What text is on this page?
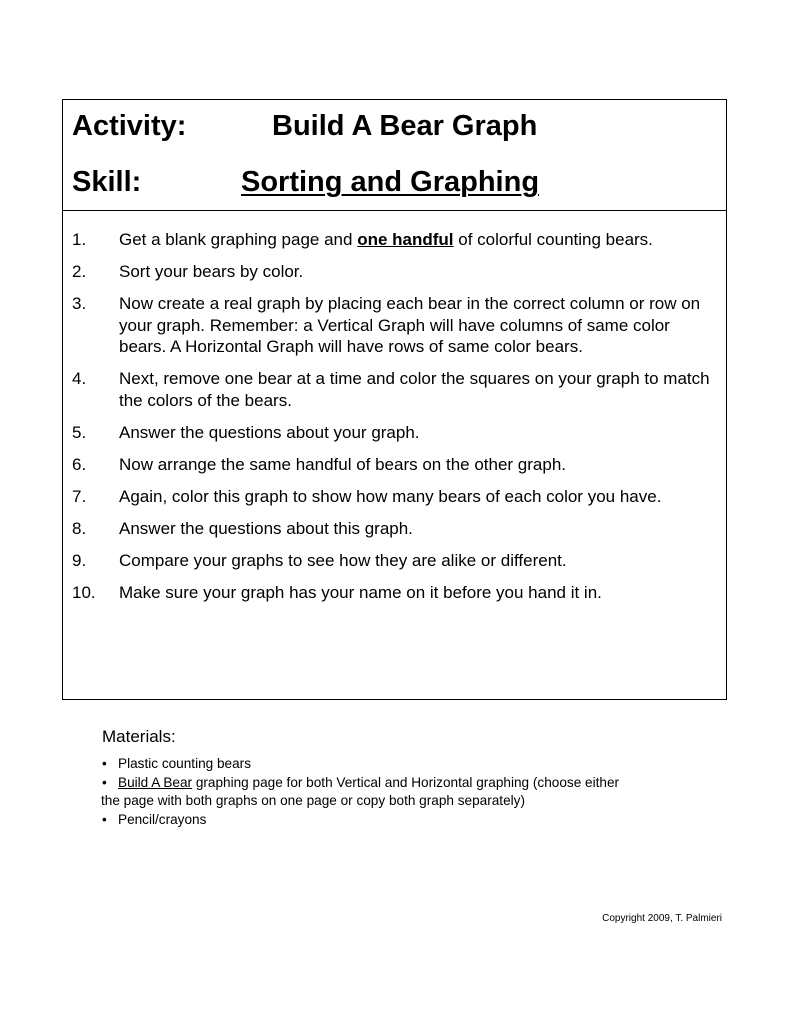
Activity:	Build A Bear Graph
Skill:	Sorting and Graphing
1. Get a blank graphing page and one handful of colorful counting bears.
2. Sort your bears by color.
3. Now create a real graph by placing each bear in the correct column or row on your graph. Remember: a Vertical Graph will have columns of same color bears. A Horizontal Graph will have rows of same color bears.
4. Next, remove one bear at a time and color the squares on your graph to match the colors of the bears.
5. Answer the questions about your graph.
6. Now arrange the same handful of bears on the other graph.
7. Again, color this graph to show how many bears of each color you have.
8. Answer the questions about this graph.
9. Compare your graphs to see how they are alike or different.
10. Make sure your graph has your name on it before you hand it in.
Materials:
• Plastic counting bears
• Build A Bear graphing page for both Vertical and Horizontal graphing (choose either
the page with both graphs on one page or copy both graph separately)
• Pencil/crayons
Copyright 2009, T. Palmieri
